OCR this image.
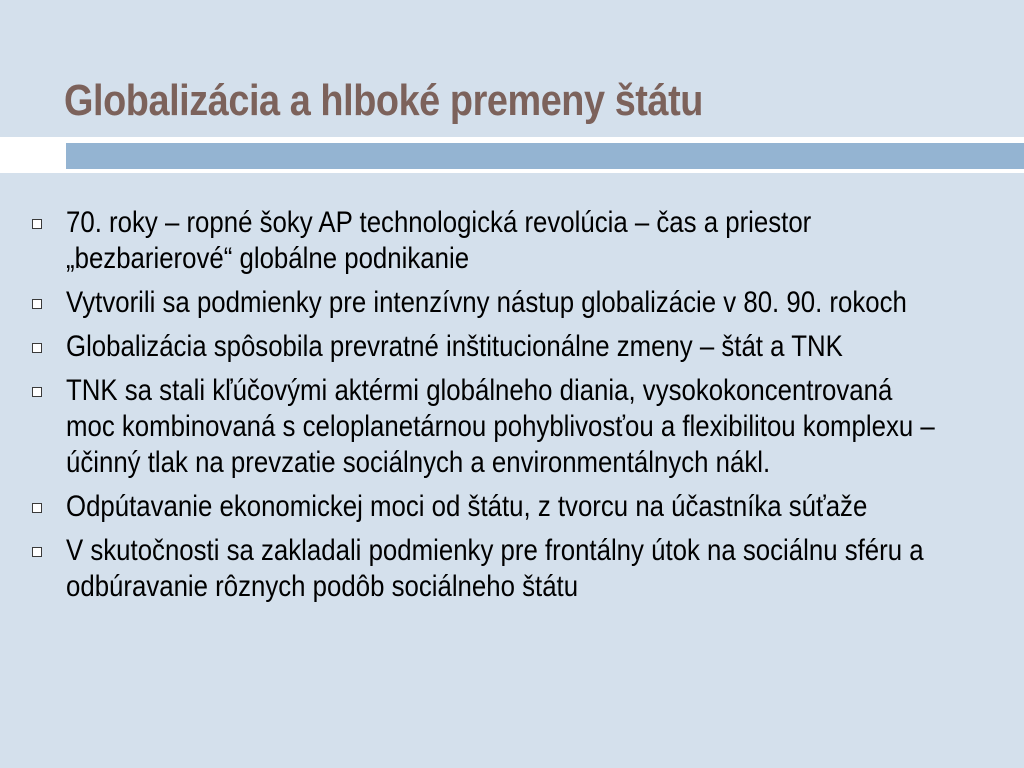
Globalizácia a hlboké premeny štátu
70. roky – ropné šoky AP technologická revolúcia – čas a priestor
„bezbarierové“ globálne podnikanie
Vytvorili sa podmienky pre intenzívny nástup globalizácie v 80. 90. rokoch
Globalizácia spôsobila prevratné inštitucionálne zmeny – štát a TNK
TNK sa stali kľúčovými aktérmi globálneho diania, vysokokoncentrovaná
moc kombinovaná s celoplanetárnou pohyblivosťou a flexibilitou komplexu –
účinný tlak na prevzatie sociálnych a environmentálnych nákl.
Odpútavanie ekonomickej moci od štátu, z tvorcu na účastníka súťaže
V skutočnosti sa zakladali podmienky pre frontálny útok na sociálnu sféru a
odbúravanie rôznych podôb sociálneho štátu
